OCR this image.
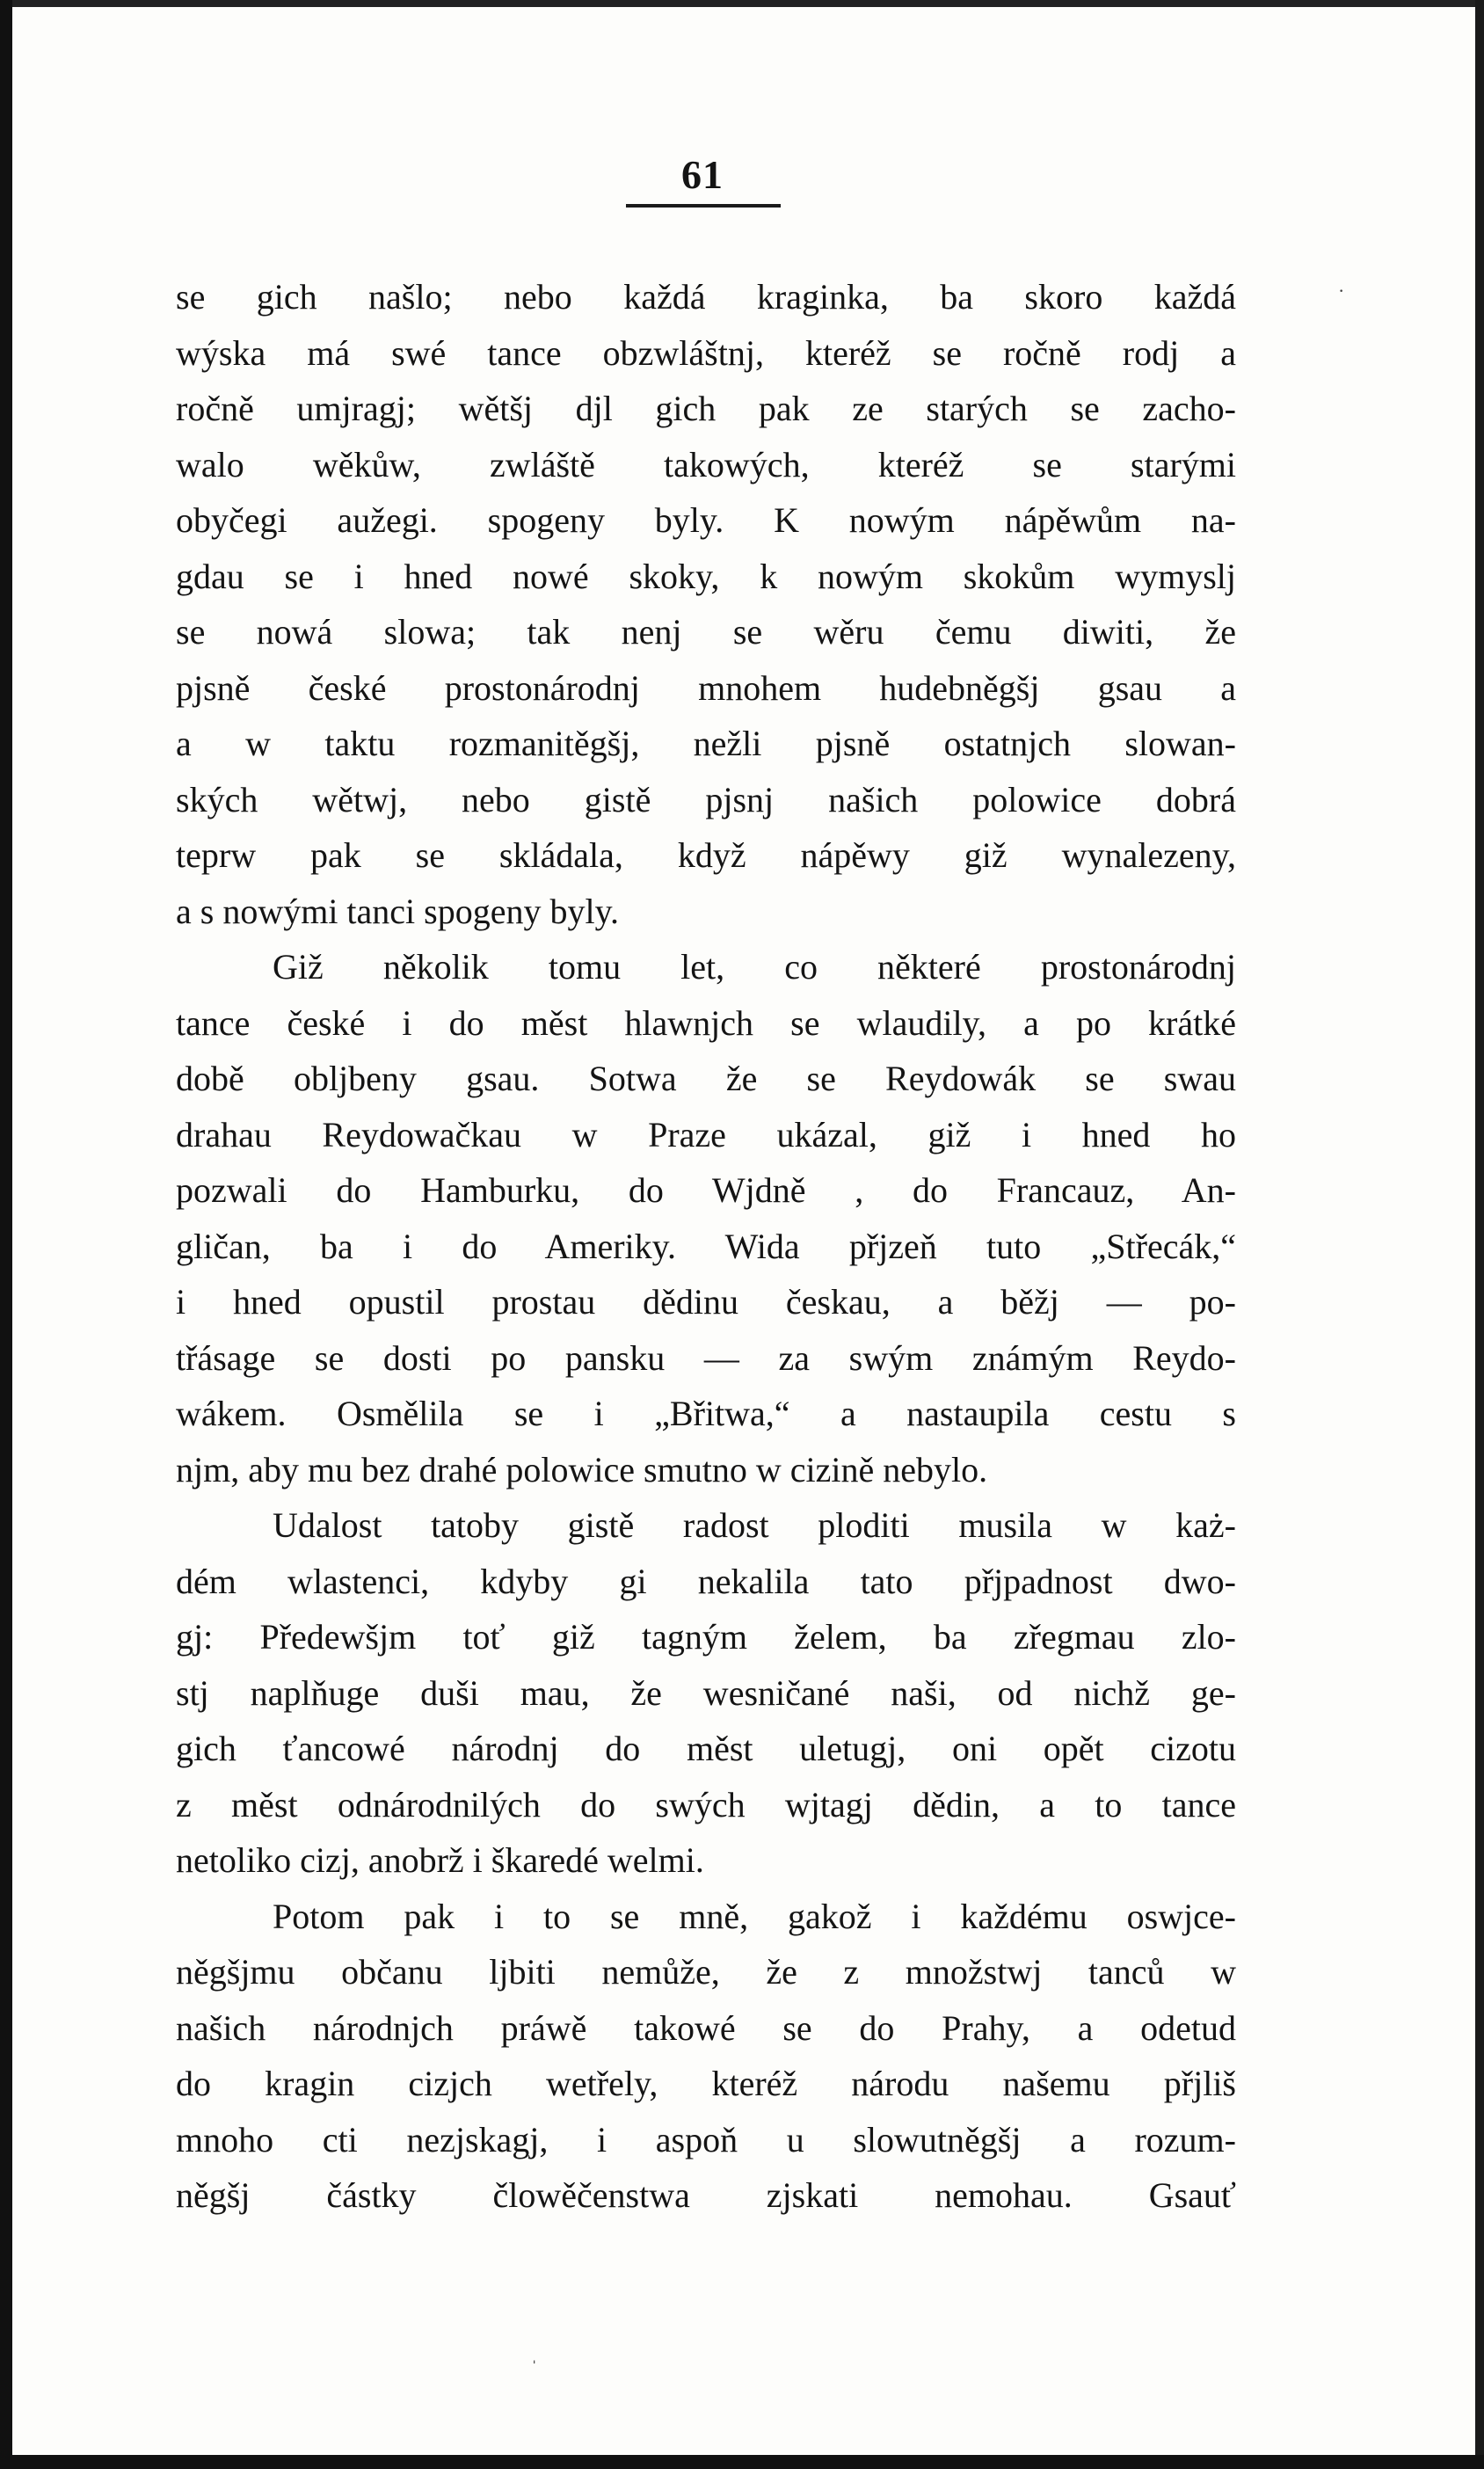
61
·
ˈ
se gich našlo; nebo každá kraginka, ba skoro každá
wýska má swé tance obzwláštnj, kteréž se ročně rodj a
ročně umjragj; wětšj djl gich pak ze starých se zacho-
walo wěkůw, zwláště takowých, kteréž se starými
obyčegi aužegi. spogeny byly. K nowým nápěwům na-
gdau se i hned nowé skoky, k nowým skokům wymyslj
se nowá slowa; tak nenj se wěru čemu diwiti, že
pjsně české prostonárodnj mnohem hudebněgšj gsau a
a w taktu rozmanitěgšj, nežli pjsně ostatnjch slowan-
ských wětwj, nebo gistě pjsnj našich polowice dobrá
teprw pak se skládala, když nápěwy giž wynalezeny,
a s nowými tanci spogeny byly.
Giž několik tomu let, co některé prostonárodnj
tance české i do měst hlawnjch se wlaudily, a po krátké
době oblјbeny gsau. Sotwa že se Reydowák se swau
drahau Reydowačkau w Praze ukázal, giž i hned ho
pozwali do Hamburku, do Wjdně , do Francauz, An-
gličan, ba i do Ameriky. Wida přjzeň tuto „Střecák,“
i hned opustil prostau dědinu českau, a běžj — po-
třásage se dosti po pansku — za swým známým Reydo-
wákem. Osmělila se i „Břitwa,“ a nastaupila cestu s
njm, aby mu bez drahé polowice smutno w cizině nebylo.
Udalost tatoby gistě radost ploditi musila w każ-
dém wlastenci, kdyby gi nekalila tato přjpadnost dwo-
gj: Předewšjm toť giž tagným želem, ba zřegmau zlo-
stj naplňuge duši mau, že wesničané naši, od nichž ge-
gich ťancowé národnj do měst uletugj, oni opět cizotu
z měst odnárodnilých do swých wjtagj dědin, a to tance
netoliko cizj, anobrž i škaredé welmi.
Potom pak i to se mně, gakož i každému oswjce-
něgšjmu občanu ljbiti nemůže, že z množstwj tanců w
našich národnjch práwě takowé se do Prahy, a odetud
do kragin cizjch wetřely, kteréž národu našemu přjliš
mnoho cti nezjskagj, i aspoň u slowutněgšj a rozum-
něgšj částky člowěčenstwa zjskati nemohau. Gsauť
